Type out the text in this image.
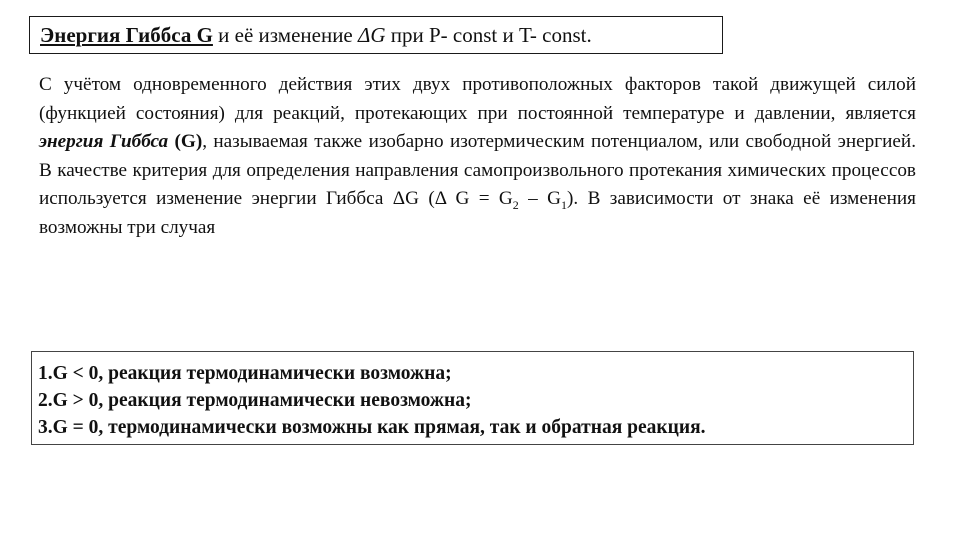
Энергия Гиббса G и её изменение ΔG при P- const и T- const.

С учётом одновременного действия этих двух противоположных факторов такой движущей силой (функцией состояния) для реакций, протекающих при постоянной температуре и давлении, является энергия Гиббса (G), называемая также изобарно изотермическим потенциалом, или свободной энергией. В качестве критерия для определения направления самопроизвольного протекания химических процессов используется изменение энергии Гиббса ΔG (Δ $G = G_2 - G_1$). В зависимости от знака её изменения возможны три случая

1.G < 0, реакция термодинамически возможна;
2.G > 0, реакция термодинамически невозможна;
3.G = 0, термодинамически возможны как прямая, так и обратная реакция.
